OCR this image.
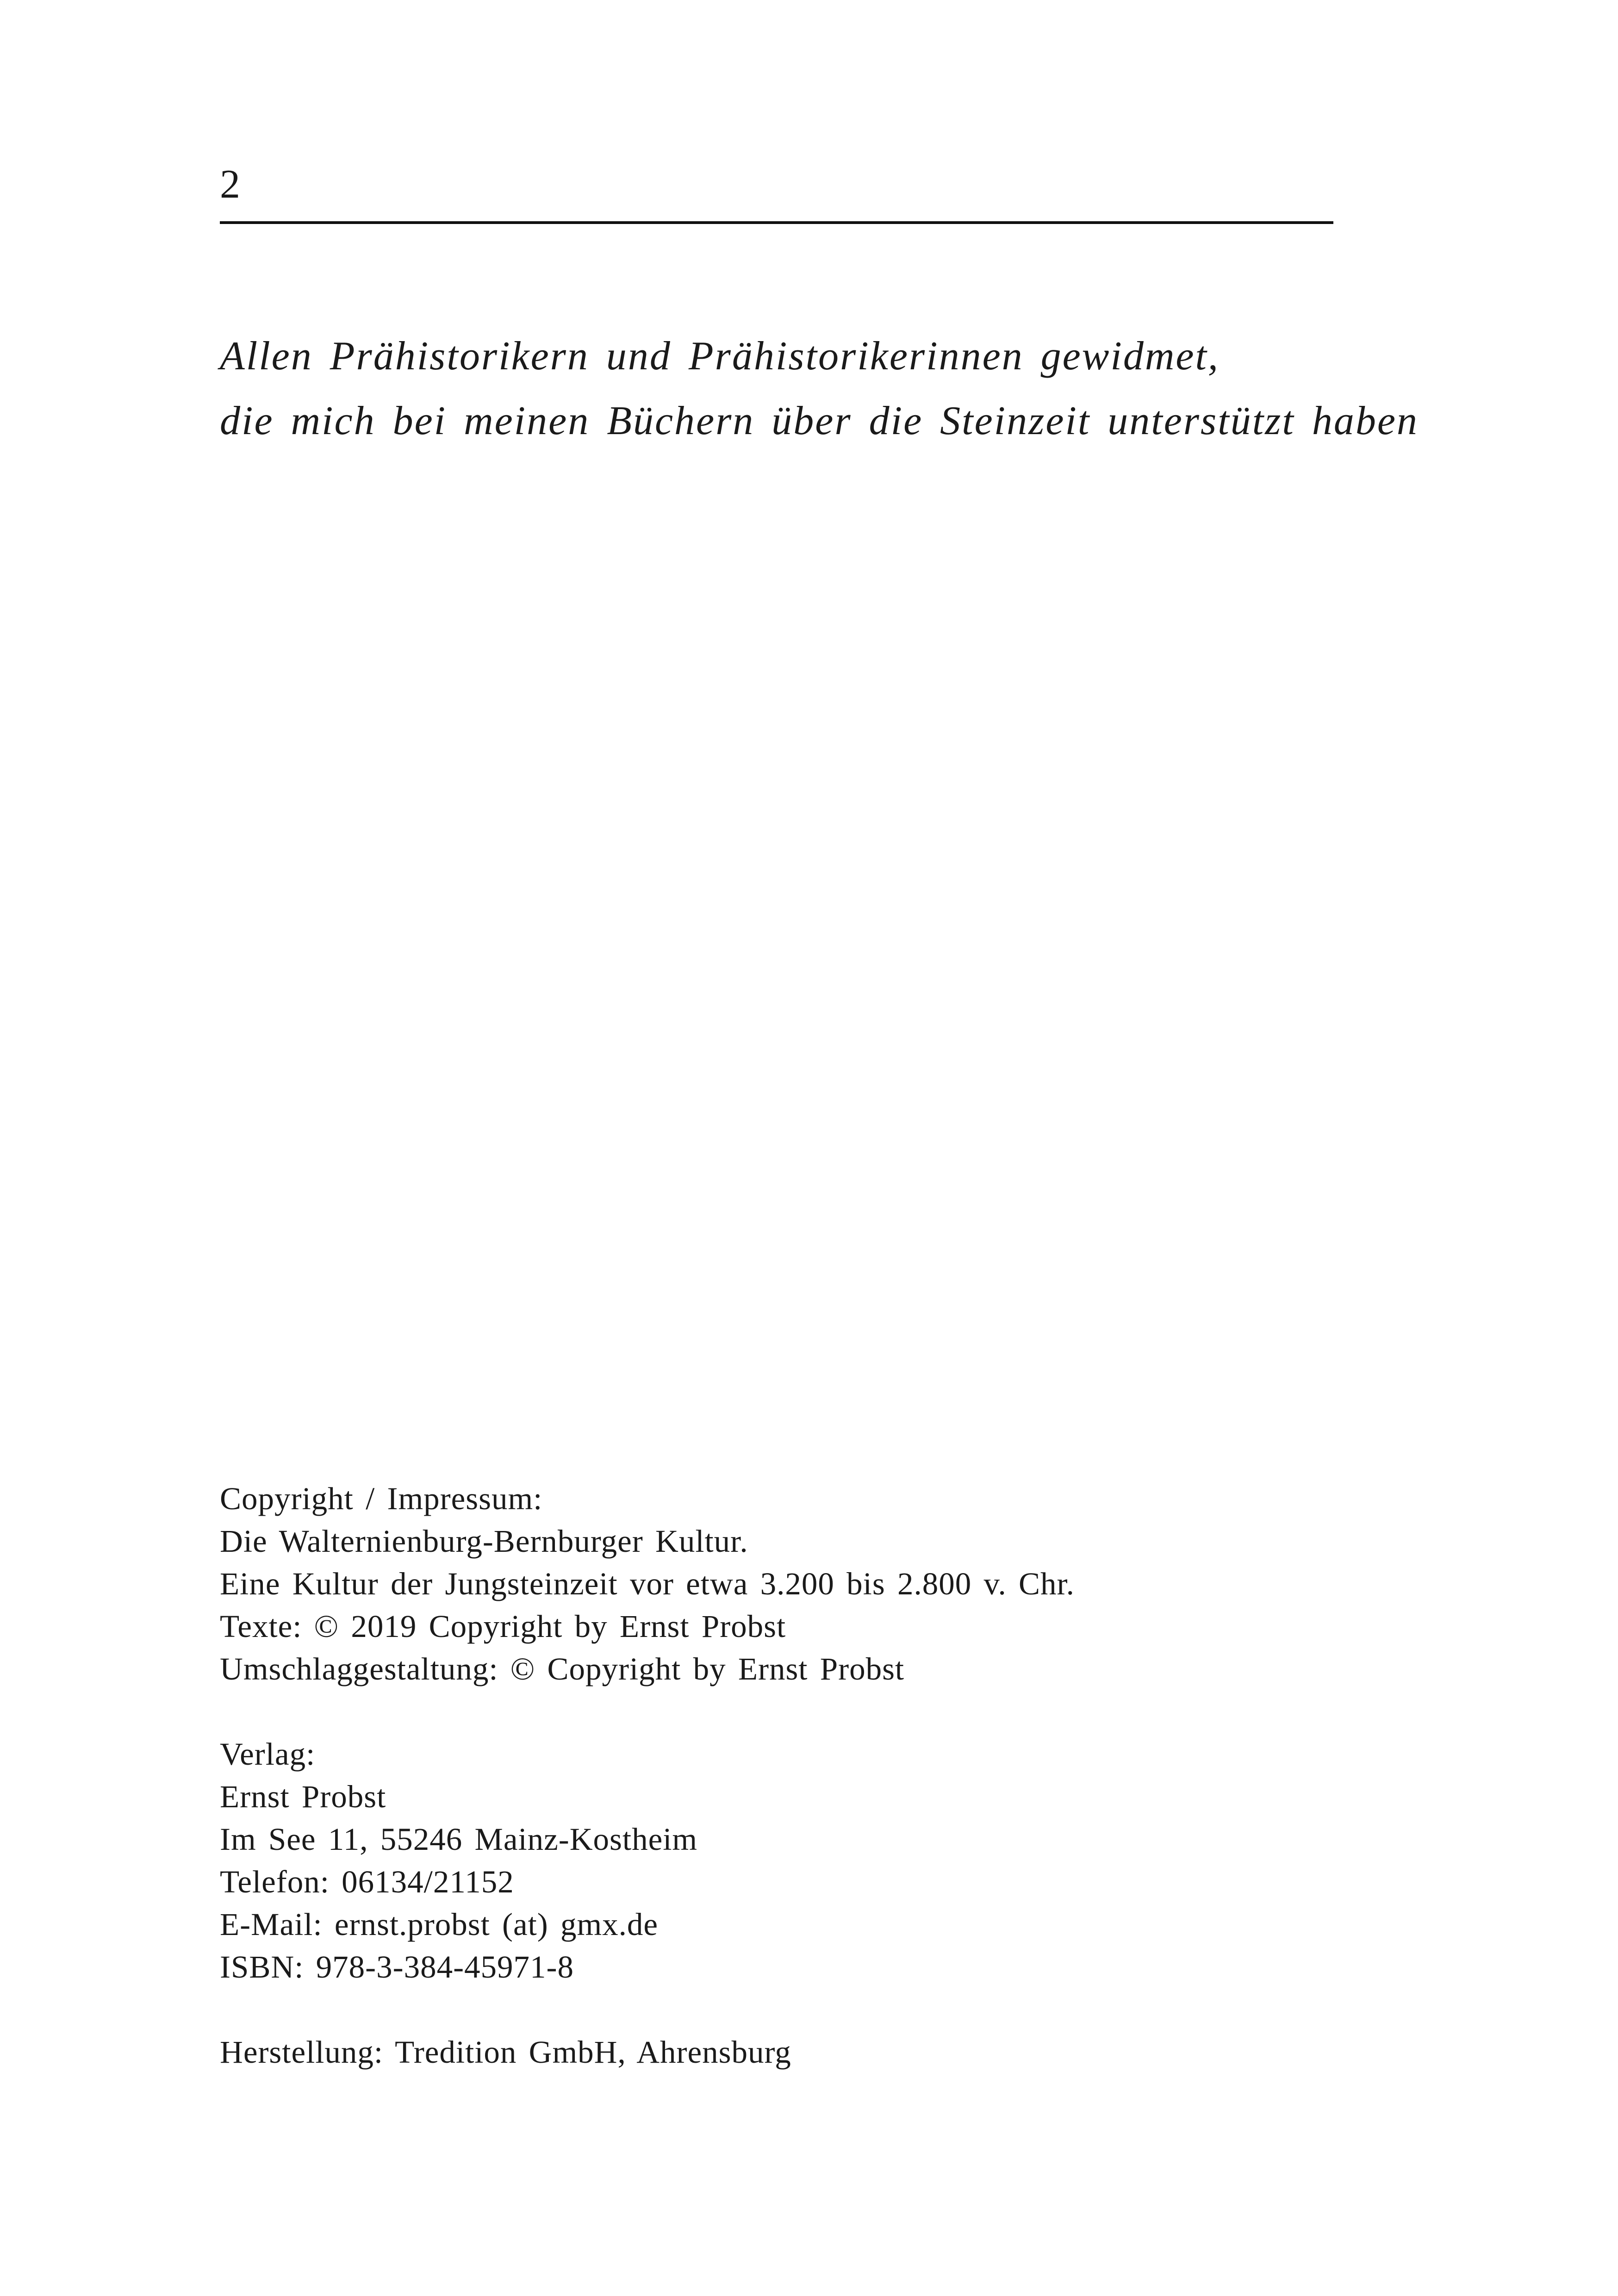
2
Allen Prähistorikern und Prähistorikerinnen gewidmet,
die mich bei meinen Büchern über die Steinzeit unterstützt haben
Copyright / Impressum:
Die Walternienburg-Bernburger Kultur.
Eine Kultur der Jungsteinzeit vor etwa 3.200 bis 2.800 v. Chr.
Texte: © 2019 Copyright by Ernst Probst
Umschlaggestaltung: © Copyright by Ernst Probst
Verlag:
Ernst Probst
Im See 11, 55246 Mainz-Kostheim
Telefon: 06134/21152
E-Mail: ernst.probst (at) gmx.de
ISBN: 978-3-384-45971-8
Herstellung: Tredition GmbH, Ahrensburg
